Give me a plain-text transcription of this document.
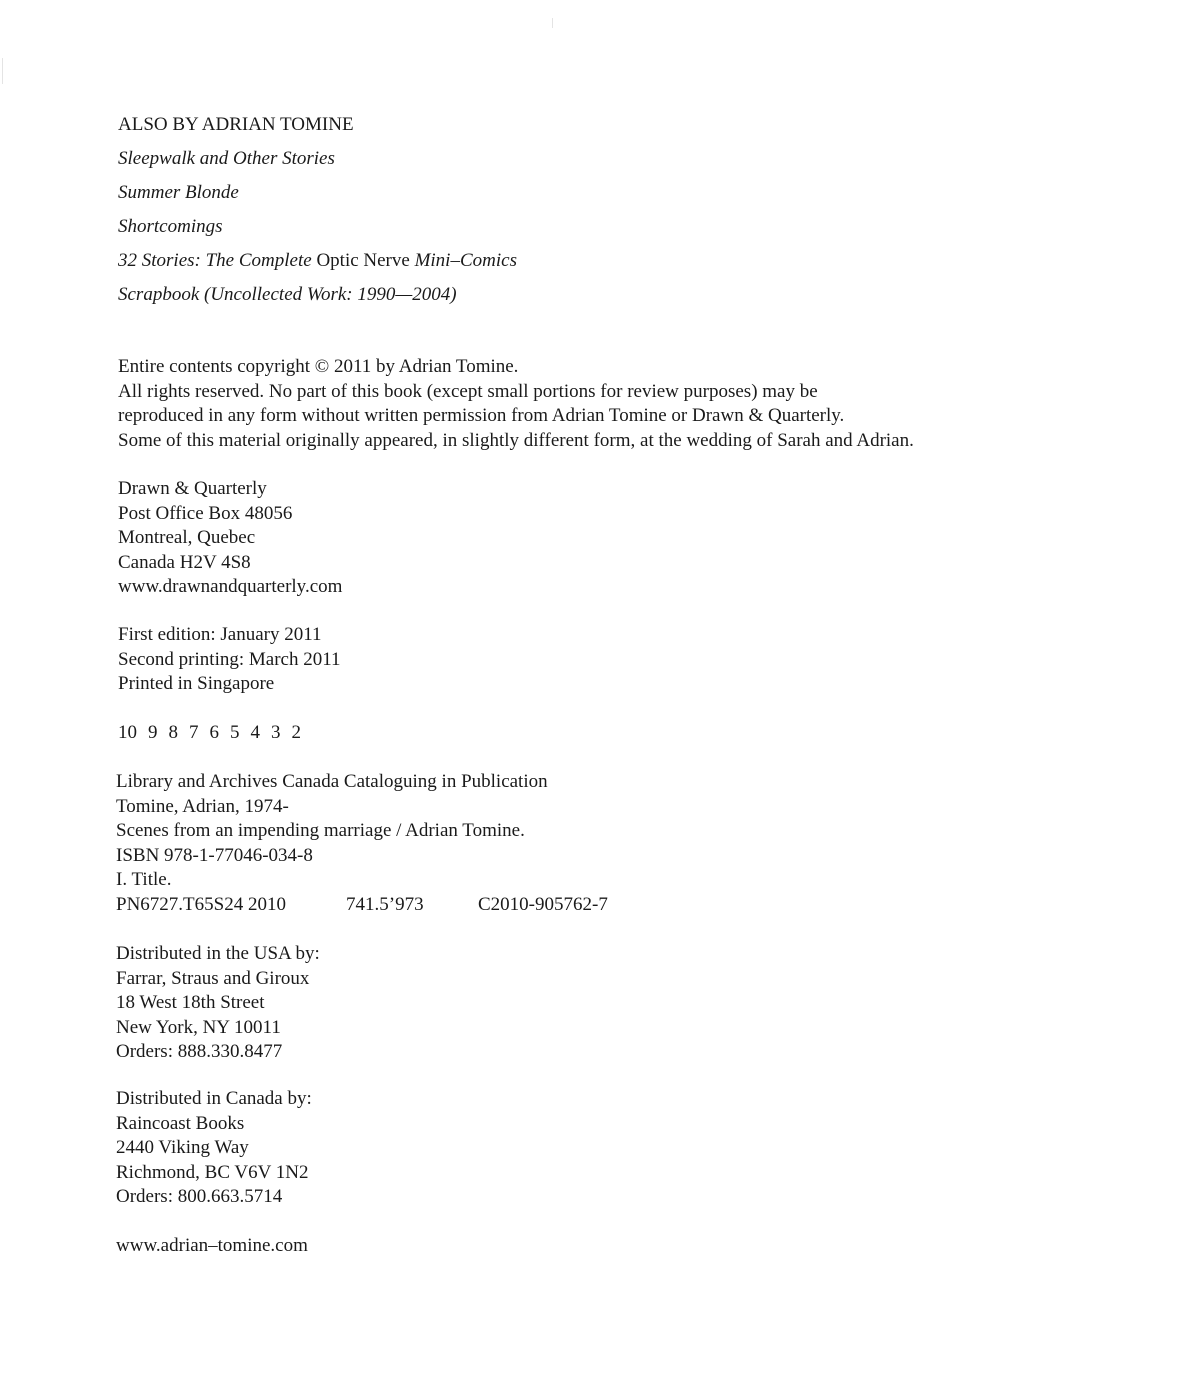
ALSO BY ADRIAN TOMINE
Sleepwalk and Other Stories
Summer Blonde
Shortcomings
32 Stories: The Complete Optic Nerve Mini–Comics
Scrapbook (Uncollected Work: 1990—2004)
Entire contents copyright © 2011 by Adrian Tomine.
All rights reserved. No part of this book (except small portions for review purposes) may be
reproduced in any form without written permission from Adrian Tomine or Drawn & Quarterly.
Some of this material originally appeared, in slightly different form, at the wedding of Sarah and Adrian.
Drawn & Quarterly
Post Office Box 48056
Montreal, Quebec
Canada H2V 4S8
www.drawnandquarterly.com
First edition: January 2011
Second printing: March 2011
Printed in Singapore
10 9 8 7 6 5 4 3 2
Library and Archives Canada Cataloguing in Publication
Tomine, Adrian, 1974-
Scenes from an impending marriage / Adrian Tomine.
ISBN 978-1-77046-034-8
I. Title.
PN6727.T65S24 2010	741.5’973	C2010-905762-7
Distributed in the USA by:
Farrar, Straus and Giroux
18 West 18th Street
New York, NY 10011
Orders: 888.330.8477
Distributed in Canada by:
Raincoast Books
2440 Viking Way
Richmond, BC V6V 1N2
Orders: 800.663.5714
www.adrian–tomine.com
